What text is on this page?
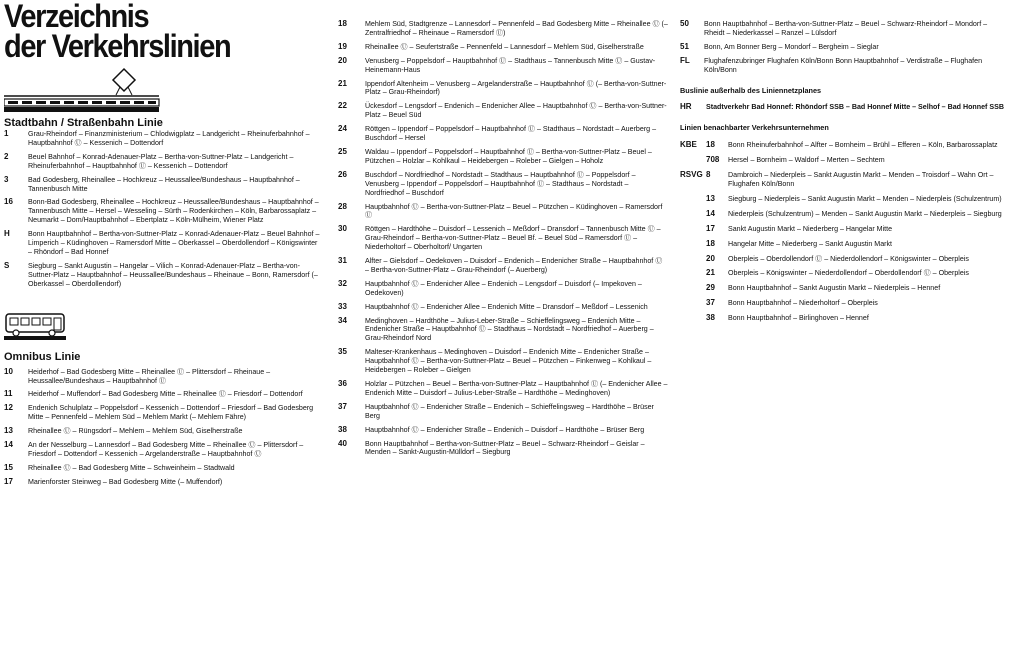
Verzeichnis
der Verkehrslinien
Stadtbahn / Straßenbahn Linie
1	Grau-Rheindorf – Finanzministerium – Chlodwigplatz – Landgericht – Rheinuferbahnhof – Hauptbahnhof Ⓤ – Kessenich – Dottendorf
2	Beuel Bahnhof – Konrad-Adenauer-Platz – Bertha-von-Suttner-Platz – Landgericht – Rheinuferbahnhof – Hauptbahnhof Ⓤ – Kessenich – Dottendorf
3	Bad Godesberg, Rheinallee – Hochkreuz – Heussallee/Bundeshaus – Hauptbahnhof – Tannenbusch Mitte
16	Bonn-Bad Godesberg, Rheinallee – Hochkreuz – Heussallee/Bundeshaus – Hauptbahnhof – Tannenbusch Mitte – Hersel – Wesseling – Sürth – Rodenkirchen – Köln, Barbarossaplatz – Neumarkt – Dom/Hauptbahnhof – Ebertplatz – Köln-Mülheim, Wiener Platz
H	Bonn Hauptbahnhof – Bertha-von-Suttner-Platz – Konrad-Adenauer-Platz – Beuel Bahnhof – Limperich – Küdinghoven – Ramersdorf Mitte – Oberkassel – Oberdollendorf – Königswinter – Rhöndorf – Bad Honnef
S	Siegburg – Sankt Augustin – Hangelar – Vilich – Konrad-Adenauer-Platz – Bertha-von-Suttner-Platz – Hauptbahnhof – Heussallee/Bundeshaus – Rheinaue – Bonn, Ramersdorf (– Oberkassel – Oberdollendorf)
Omnibus Linie
10	Heiderhof – Bad Godesberg Mitte – Rheinallee Ⓤ – Plittersdorf – Rheinaue – Heussallee/Bundeshaus – Hauptbahnhof Ⓤ
11	Heiderhof – Muffendorf – Bad Godesberg Mitte – Rheinallee Ⓤ – Friesdorf – Dottendorf
12	Endenich Schulplatz – Poppelsdorf – Kessenich – Dottendorf – Friesdorf – Bad Godesberg Mitte – Pennenfeld – Mehlem Süd – Mehlem Markt (– Mehlem Fähre)
13	Rheinallee Ⓤ – Rüngsdorf – Mehlem – Mehlem Süd, Giselherstraße
14	An der Nesselburg – Lannesdorf – Bad Godesberg Mitte – Rheinallee Ⓤ – Plittersdorf – Friesdorf – Dottendorf – Kessenich – Argelanderstraße – Hauptbahnhof Ⓤ
15	Rheinallee Ⓤ – Bad Godesberg Mitte – Schweinheim – Stadtwald
17	Marienforster Steinweg – Bad Godesberg Mitte (– Muffendorf)
18	Mehlem Süd, Stadtgrenze – Lannesdorf – Pennenfeld – Bad Godesberg Mitte – Rheinallee Ⓤ (– Zentralfriedhof – Rheinaue – Ramersdorf Ⓤ)
19	Rheinallee Ⓤ – Seufertstraße – Pennenfeld – Lannesdorf – Mehlem Süd, Giselherstraße
20	Venusberg – Poppelsdorf – Hauptbahnhof Ⓤ – Stadthaus – Tannenbusch Mitte Ⓤ – Gustav-Heinemann-Haus
21	Ippendorf Altenheim – Venusberg – Argelanderstraße – Hauptbahnhof Ⓤ (– Bertha-von-Suttner-Platz – Grau-Rheindorf)
22	Ückesdorf – Lengsdorf – Endenich – Endenicher Allee – Hauptbahnhof Ⓤ – Bertha-von-Suttner-Platz – Beuel Süd
24	Röttgen – Ippendorf – Poppelsdorf – Hauptbahnhof Ⓤ – Stadthaus – Nordstadt – Auerberg – Buschdorf – Hersel
25	Waldau – Ippendorf – Poppelsdorf – Hauptbahnhof Ⓤ – Bertha-von-Suttner-Platz – Beuel – Pützchen – Holzlar – Kohlkaul – Heidebergen – Roleber – Gielgen – Hoholz
26	Buschdorf – Nordfriedhof – Nordstadt – Stadthaus – Hauptbahnhof Ⓤ – Poppelsdorf – Venusberg – Ippendorf – Poppelsdorf – Hauptbahnhof Ⓤ – Stadthaus – Nordstadt – Nordfriedhof – Buschdorf
28	Hauptbahnhof Ⓤ – Bertha-von-Suttner-Platz – Beuel – Pützchen – Küdinghoven – Ramersdorf Ⓤ
30	Röttgen – Hardthöhe – Duisdorf – Lessenich – Meßdorf – Dransdorf – Tannenbusch Mitte Ⓤ – Grau-Rheindorf – Bertha-von-Suttner-Platz – Beuel Bf. – Beuel Süd – Ramersdorf Ⓤ – Niederholtorf – Oberholtorf/ Ungarten
31	Alfter – Gielsdorf – Oedekoven – Duisdorf – Endenich – Endenicher Straße – Hauptbahnhof Ⓤ – Bertha-von-Suttner-Platz – Grau-Rheindorf (– Auerberg)
32	Hauptbahnhof Ⓤ – Endenicher Allee – Endenich – Lengsdorf – Duisdorf (– Impekoven – Oedekoven)
33	Hauptbahnhof Ⓤ – Endenicher Allee – Endenich Mitte – Dransdorf – Meßdorf – Lessenich
34	Medinghoven – Hardthöhe – Julius-Leber-Straße – Schieffelingsweg – Endenich Mitte – Endenicher Straße – Hauptbahnhof Ⓤ – Stadthaus – Nordstadt – Nordfriedhof – Auerberg – Grau-Rheindorf Nord
35	Malteser-Krankenhaus – Medinghoven – Duisdorf – Endenich Mitte – Endenicher Straße – Hauptbahnhof Ⓤ – Bertha-von-Suttner-Platz – Beuel – Pützchen – Finkenweg – Kohlkaul – Heidebergen – Roleber – Gielgen
36	Holzlar – Pützchen – Beuel – Bertha-von-Suttner-Platz – Hauptbahnhof Ⓤ (– Endenicher Allee – Endenich Mitte – Duisdorf – Julius-Leber-Straße – Hardthöhe – Medinghoven)
37	Hauptbahnhof Ⓤ – Endenicher Straße – Endenich – Schieffelingsweg – Hardthöhe – Brüser Berg
38	Hauptbahnhof Ⓤ – Endenicher Straße – Endenich – Duisdorf – Hardthöhe – Brüser Berg
40	Bonn Hauptbahnhof – Bertha-von-Suttner-Platz – Beuel – Schwarz-Rheindorf – Geislar – Menden – Sankt-Augustin-Mülldorf – Siegburg
50	Bonn Hauptbahnhof – Bertha-von-Suttner-Platz – Beuel – Schwarz-Rheindorf – Mondorf – Rheidt – Niederkassel – Ranzel – Lülsdorf
51	Bonn, Am Bonner Berg – Mondorf – Bergheim – Sieglar
FL	Flughafenzubringer Flughafen Köln/Bonn Bonn Hauptbahnhof – Verdistraße – Flughafen Köln/Bonn
Buslinie außerhalb des Liniennetzplanes
HR	Stadtverkehr Bad Honnef: Rhöndorf SSB – Bad Honnef Mitte – Selhof – Bad Honnef SSB
Linien benachbarter Verkehrsunternehmen
KBE	18	Bonn Rheinuferbahnhof – Alfter – Bornheim – Brühl – Efferen – Köln, Barbarossaplatz
708	Hersel – Bornheim – Waldorf – Merten – Sechtem
RSVG 8	Dambroich – Niederpleis – Sankt Augustin Markt – Menden – Troisdorf – Wahn Ort – Flughafen Köln/Bonn
13	Siegburg – Niederpleis – Sankt Augustin Markt – Menden – Niederpleis (Schulzentrum)
14	Niederpleis (Schulzentrum) – Menden – Sankt Augustin Markt – Niederpleis – Siegburg
17	Sankt Augustin Markt – Niederberg – Hangelar Mitte
18	Hangelar Mitte – Niederberg – Sankt Augustin Markt
20	Oberpleis – Oberdollendorf Ⓤ – Niederdollendorf – Königswinter – Oberpleis
21	Oberpleis – Königswinter – Niederdollendorf – Oberdollendorf Ⓤ – Oberpleis
29	Bonn Hauptbahnhof – Sankt Augustin Markt – Niederpleis – Hennef
37	Bonn Hauptbahnhof – Niederholtorf – Oberpleis
38	Bonn Hauptbahnhof – Birlinghoven – Hennef
